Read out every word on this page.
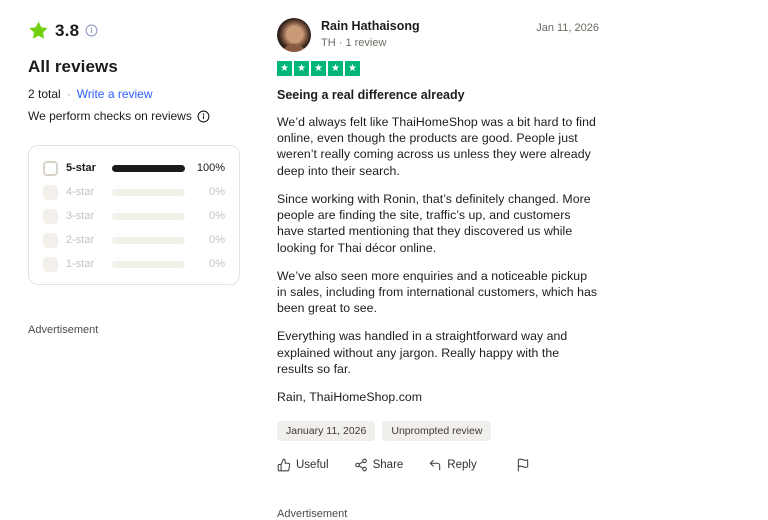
3.8
All reviews
2 total · Write a review
We perform checks on reviews
5-star	100%
4-star	0%
3-star	0%
2-star	0%
1-star	0%
Advertisement
Rain Hathaisong
TH · 1 review
Jan 11, 2026
★
★
★
★
★
Seeing a real difference already

We’d always felt like ThaiHomeShop was a bit hard to find online, even though the products are good. People just weren’t really coming across us unless they were already deep into their search.

Since working with Ronin, that’s definitely changed. More people are finding the site, traffic’s up, and customers have started mentioning that they discovered us while looking for Thai décor online.

We’ve also seen more enquiries and a noticeable pickup in sales, including from international customers, which has been great to see.

Everything was handled in a straightforward way and explained without any jargon. Really happy with the results so far.

Rain, ThaiHomeShop.com

January 11, 2026	Unprompted review
Useful	Share	Reply
Advertisement
